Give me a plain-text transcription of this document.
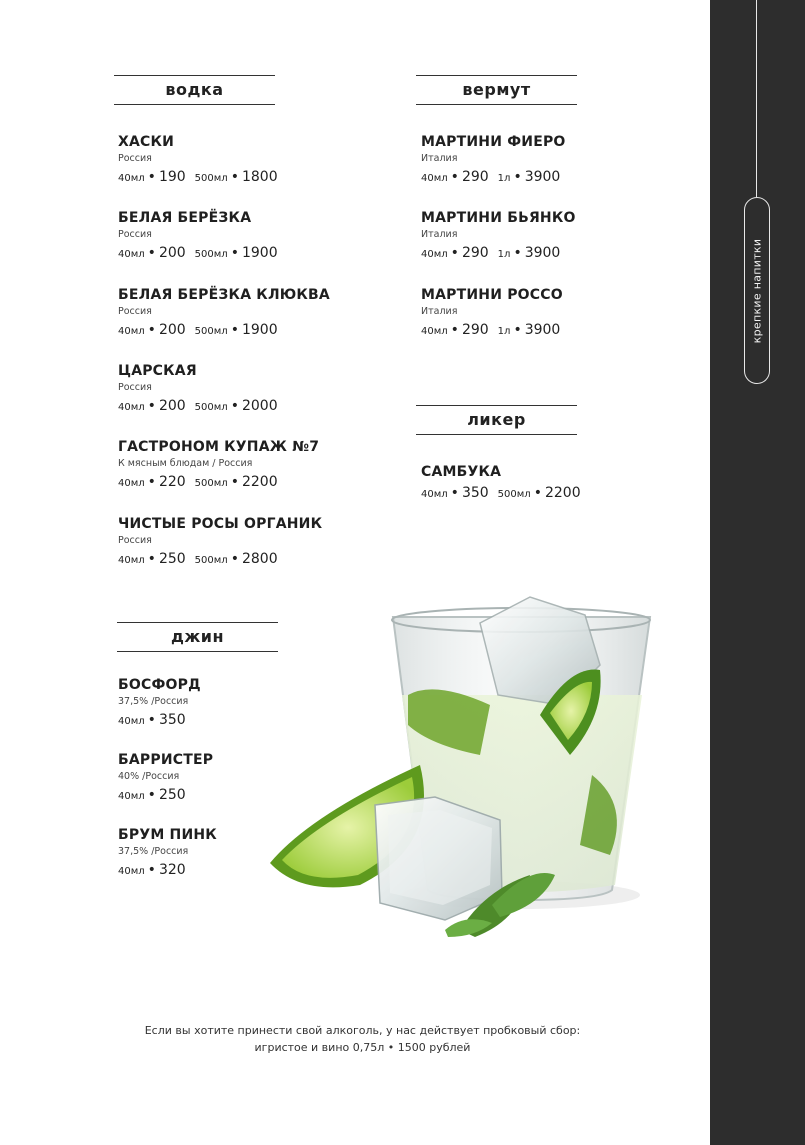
крепкие напитки
водка
ХАСКИ
Россия
40мл • 190 500мл • 1800
БЕЛАЯ БЕРЁЗКА
Россия
40мл • 200 500мл • 1900
БЕЛАЯ БЕРЁЗКА КЛЮКВА
Россия
40мл • 200 500мл • 1900
ЦАРСКАЯ
Россия
40мл • 200 500мл • 2000
ГАСТРОНОМ КУПАЖ №7
К мясным блюдам / Россия
40мл • 220 500мл • 2200
ЧИСТЫЕ РОСЫ ОРГАНИК
Россия
40мл • 250 500мл • 2800
вермут
МАРТИНИ ФИЕРО
Италия
40мл • 290 1л • 3900
МАРТИНИ БЬЯНКО
Италия
40мл • 290 1л • 3900
МАРТИНИ РОССО
Италия
40мл • 290 1л • 3900
ликер
САМБУКА
40мл • 350 500мл • 2200
джин
БОСФОРД
37,5% /Россия
40мл • 350
БАРРИСТЕР
40% /Россия
40мл • 250
БРУМ ПИНК
37,5% /Россия
40мл • 320
Если вы хотите принести свой алкоголь, у нас действует пробковый сбор:
игристое и вино 0,75л • 1500 рублей
